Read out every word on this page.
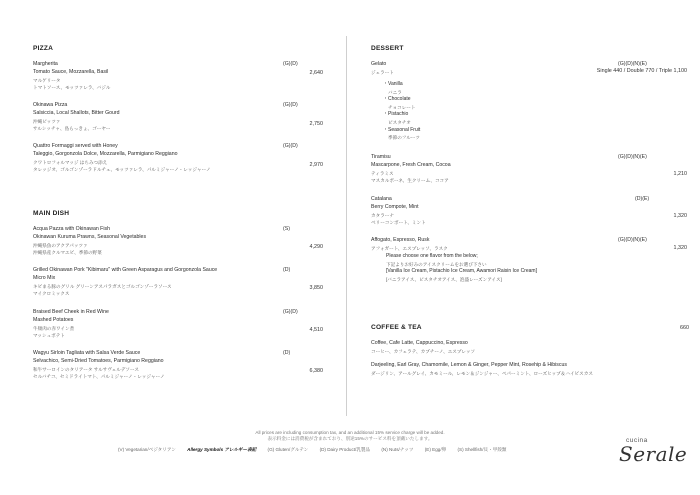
PIZZA
Margherita
Tomato Sauce, Mozzarella, Basil
マルゲリータ
トマトソース、モッツァレラ、バジル
(G)(D)
2,640
Okinawa Pizza
Salsiccia, Local Shallots, Bitter Gourd
沖縄ピッツァ
サルシッチャ、島らっきょ、ゴーヤー
(G)(D)
2,750
Quattro Formaggi served with Honey
Taleggio, Gorgonzola Dolce, Mozzarella, Parmigiano Reggiano
クワトロフォルマッジ はちみつ添え
タレッジオ、ゴルゴンゾーラドルチェ、モッツァレラ、パルミジャーノ・レッジャーノ
(G)(D)
2,970
MAIN DISH
Acqua Pazza with Okinawan Fish
Okinawan Kuruma Prawns, Seasonal Vegetables
沖縄県魚のアクアパッツァ
沖縄県産クルマエビ、季節の野菜
(S)
4,290
Grilled Okinawan Pork "Kibimaru" with Green Asparagus and Gorgonzola Sauce
Micro Mix
キビまる豚のグリル グリーンアスパラガスとゴルゴンゾーラソース
マイクロミックス
(D)
3,850
Braised Beef Cheek in Red Wine
Mashed Potatoes
牛頬肉の赤ワイン煮
マッシュポテト
(G)(D)
4,510
Wagyu Sirloin Tagliata with Salsa Verde Sauce
Selvachico, Semi-Dried Tomatoes, Parmigiano Reggiano
和牛サーロインのタリアータ サルサヴェルデソース
セルバチコ、セミドライトマト、パルミジャーノ・レッジャーノ
(D)
6,380
DESSERT
Gelato
ジェラート
(G)(D)(N)(E)
Single 440 / Double 770 / Triple 1,100
・Vanilla
バニラ
・Chocolate
チョコレート
・Pistachio
ピスタチオ
・Seasonal Fruit
季節のフルーツ
Tiramisu
Mascarpone, Fresh Cream, Cocoa
ティラミス
マスカルポーネ、生クリーム、ココア
(G)(D)(N)(E)
1,210
Catalana
Berry Compote, Mint
カタラーナ
ベリーコンポート、ミント
(D)(E)
1,320
Affogato, Espresso, Rusk
アフォガート、エスプレッソ、ラスク
(G)(D)(N)(E)
1,320
Please choose one flavor from the below;
下記よりお好みのアイスクリームをお選び下さい
[Vanilla Ice Cream, Pistachio Ice Cream, Awamori Raisin Ice Cream]
[バニラアイス、ピスタチオアイス、泡盛レーズンアイス]
COFFEE & TEA	660
Coffee, Cafe Latte, Cappuccino, Espresso
コーヒー、カフェラテ、カプチーノ、エスプレッソ
Darjeeling, Earl Gray, Chamomile, Lemon & Ginger, Pepper Mint, Rosehip & Hibiscus
ダージリン、アールグレイ、カモミール、レモン＆ジンジャー、ペパーミント、ローズヒップ＆ハイビスカス
All prices are including consumption tax, and an additional 15% service charge will be added.
表示料金には消費税が含まれており、別途15%のサービス料を頂戴いたします。
(V) Vegetarian/ベジタリアン Allergy Symbols アレルギー表記 (G) Gluten/グルテン (D) Dairy Product/乳製品 (N) Nuts/ナッツ (E) Egg/卵 (S) Shellfish/貝・甲殻類
cucina
Serale
